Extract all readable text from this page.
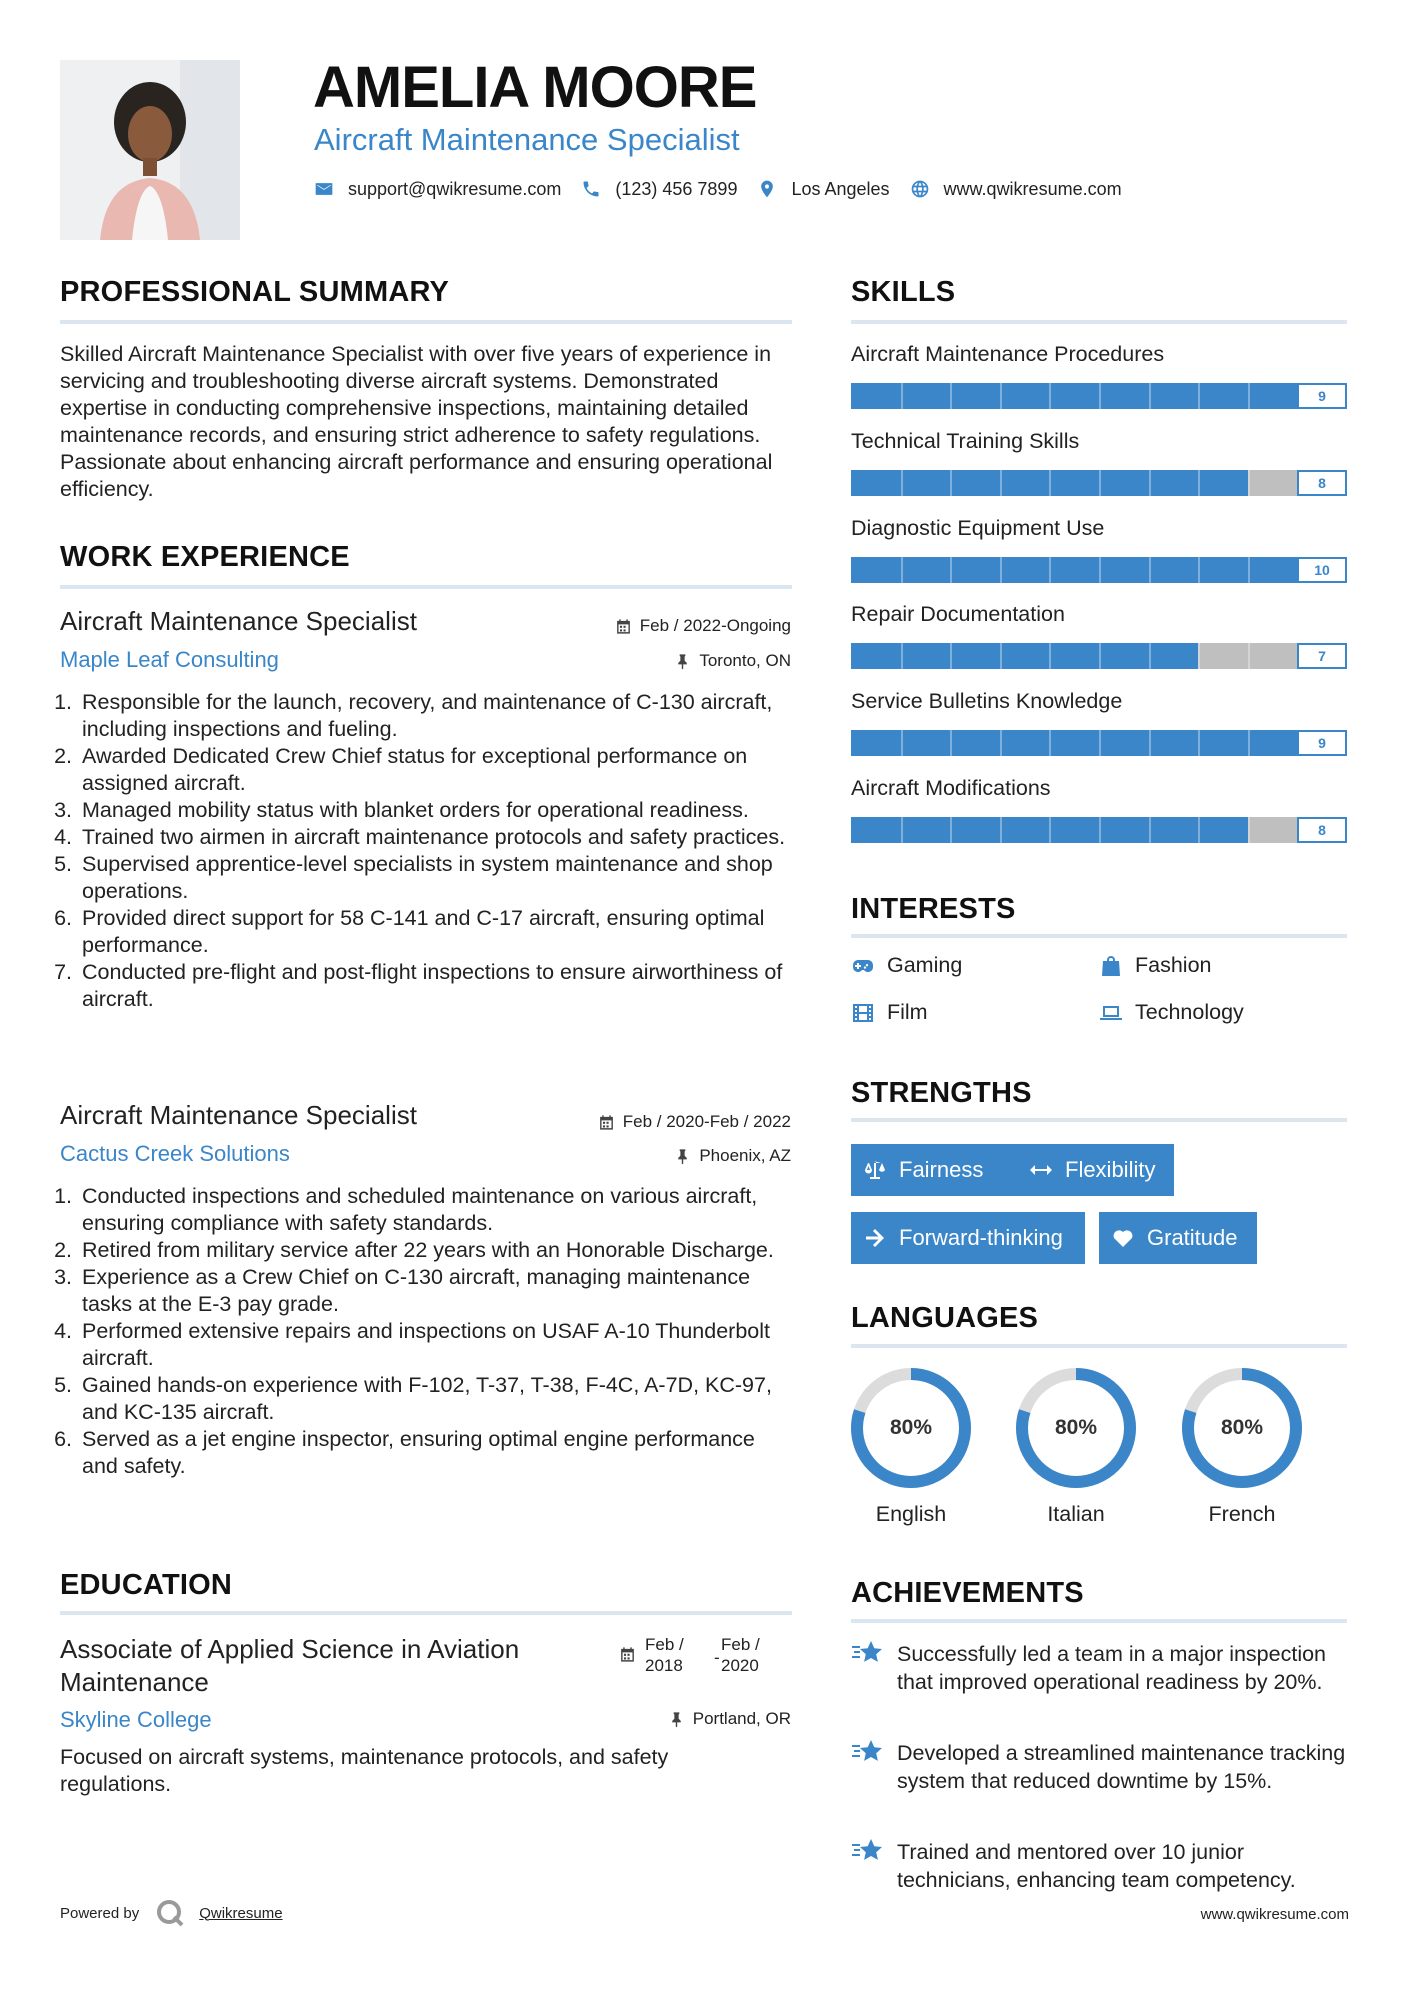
AMELIA MOORE
Aircraft Maintenance Specialist
support@qwikresume.com	(123) 456 7899	Los Angeles	www.qwikresume.com
PROFESSIONAL SUMMARY
Skilled Aircraft Maintenance Specialist with over five years of experience in servicing and troubleshooting diverse aircraft systems. Demonstrated expertise in conducting comprehensive inspections, maintaining detailed maintenance records, and ensuring strict adherence to safety regulations. Passionate about enhancing aircraft performance and ensuring operational efficiency.
WORK EXPERIENCE
Aircraft Maintenance Specialist	Feb / 2022-Ongoing
Maple Leaf Consulting	Toronto, ON
1. Responsible for the launch, recovery, and maintenance of C-130 aircraft, including inspections and fueling.
2. Awarded Dedicated Crew Chief status for exceptional performance on assigned aircraft.
3. Managed mobility status with blanket orders for operational readiness.
4. Trained two airmen in aircraft maintenance protocols and safety practices.
5. Supervised apprentice-level specialists in system maintenance and shop operations.
6. Provided direct support for 58 C-141 and C-17 aircraft, ensuring optimal performance.
7. Conducted pre-flight and post-flight inspections to ensure airworthiness of aircraft.
Aircraft Maintenance Specialist	Feb / 2020-Feb / 2022
Cactus Creek Solutions	Phoenix, AZ
1. Conducted inspections and scheduled maintenance on various aircraft, ensuring compliance with safety standards.
2. Retired from military service after 22 years with an Honorable Discharge.
3. Experience as a Crew Chief on C-130 aircraft, managing maintenance tasks at the E-3 pay grade.
4. Performed extensive repairs and inspections on USAF A-10 Thunderbolt aircraft.
5. Gained hands-on experience with F-102, T-37, T-38, F-4C, A-7D, KC-97, and KC-135 aircraft.
6. Served as a jet engine inspector, ensuring optimal engine performance and safety.
EDUCATION
Associate of Applied Science in Aviation Maintenance
Feb /
2018 -
Feb /
2020
Skyline College	Portland, OR
Focused on aircraft systems, maintenance protocols, and safety regulations.
SKILLS
Aircraft Maintenance Procedures
9
Technical Training Skills
8
Diagnostic Equipment Use
10
Repair Documentation
7
Service Bulletins Knowledge
9
Aircraft Modifications
8
INTERESTS
Gaming	Fashion
Film	Technology
STRENGTHS
Fairness	Flexibility
Forward-thinking	Gratitude
LANGUAGES
80%
English
80%
Italian
80%
French
ACHIEVEMENTS
Successfully led a team in a major inspection that improved operational readiness by 20%.
Developed a streamlined maintenance tracking system that reduced downtime by 15%.
Trained and mentored over 10 junior technicians, enhancing team competency.
Powered by	Qwikresume	www.qwikresume.com
